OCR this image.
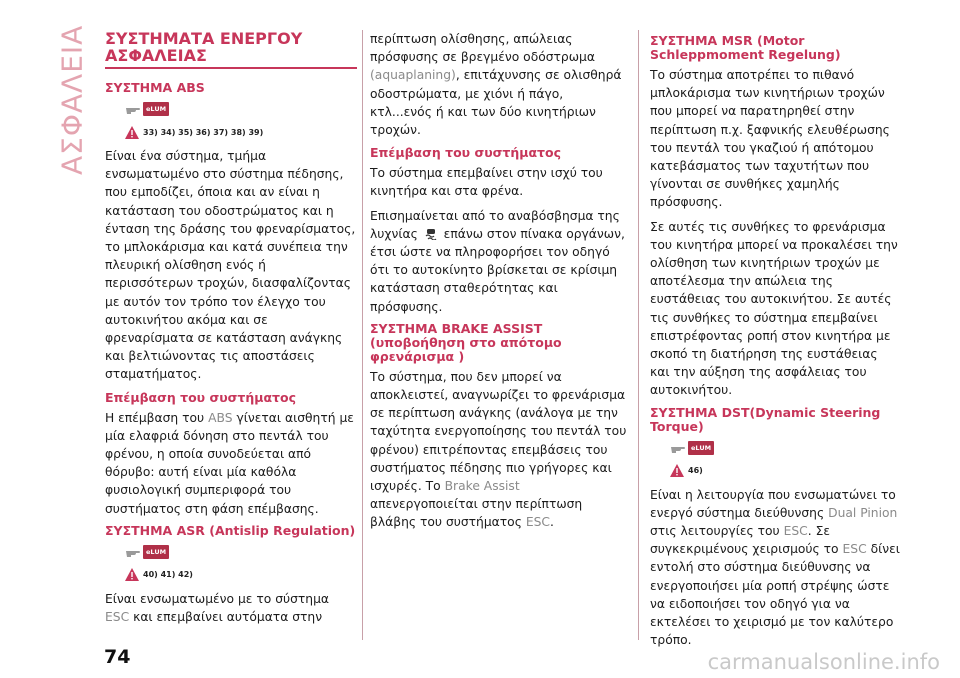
ΑΣΦΑΛΕΙΑ ΣΥΣΤΗΜΑΤΑ ΕΝΕΡΓΟΥ ΑΣΦΑΛΕΙΑΣ
ΣΥΣΤΗΜΑ ABS
eLUM
33) 34) 35) 36) 37) 38) 39)

Είναι ένα σύστημα, τμήμα ενσωματωμένο στο σύστημα πέδησης, που εμποδίζει, όποια και αν είναι η κατάσταση του οδοστρώματος και η ένταση της δράσης του φρεναρίσματος, το μπλοκάρισμα και κατά συνέπεια την πλευρική ολίσθηση ενός ή περισσότερων τροχών, διασφαλίζοντας με αυτόν τον τρόπο τον έλεγχο του αυτοκινήτου ακόμα και σε φρεναρίσματα σε κατάσταση ανάγκης και βελτιώνοντας τις αποστάσεις σταματήματος.

Επέμβαση του συστήματος

Η επέμβαση του ABS γίνεται αισθητή με μία ελαφριά δόνηση στο πεντάλ του φρένου, η οποία συνοδεύεται από θόρυβο: αυτή είναι μία καθόλα φυσιολογική συμπεριφορά του συστήματος στη φάση επέμβασης.

ΣΥΣΤΗΜΑ ASR (Antislip Regulation)
eLUM
40) 41) 42)

Είναι ενσωματωμένο με το σύστημα ESC και επεμβαίνει αυτόματα στην

περίπτωση ολίσθησης, απώλειας πρόσφυσης σε βρεγμένο οδόστρωμα (aquaplaning), επιτάχυνσης σε ολισθηρά οδοστρώματα, με χιόνι ή πάγο, κτλ...ενός ή και των δύο κινητήριων τροχών.

Επέμβαση του συστήματος

Το σύστημα επεμβαίνει στην ισχύ του κινητήρα και στα φρένα.

Επισημαίνεται από το αναβόσβησμα της λυχνίας  επάνω στον πίνακα οργάνων, έτσι ώστε να πληροφορήσει τον οδηγό ότι το αυτοκίνητο βρίσκεται σε κρίσιμη κατάσταση σταθερότητας και πρόσφυσης.

ΣΥΣΤΗΜΑ BRAKE ASSIST (υποβοήθηση στο απότομο φρενάρισμα )

Το σύστημα, που δεν μπορεί να αποκλειστεί, αναγνωρίζει το φρενάρισμα σε περίπτωση ανάγκης (ανάλογα με την ταχύτητα ενεργοποίησης του πεντάλ του φρένου) επιτρέποντας επεμβάσεις του συστήματος πέδησης πιο γρήγορες και ισχυρές. Το Brake Assist απενεργοποιείται στην περίπτωση βλάβης του συστήματος ESC.

ΣΥΣΤΗΜΑ MSR (Motor Schleppmoment Regelung)

Το σύστημα αποτρέπει το πιθανό μπλοκάρισμα των κινητήριων τροχών που μπορεί να παρατηρηθεί στην περίπτωση π.χ. ξαφνικής ελευθέρωσης του πεντάλ του γκαζιού ή απότομου κατεβάσματος των ταχυτήτων που γίνονται σε συνθήκες χαμηλής πρόσφυσης.

Σε αυτές τις συνθήκες το φρενάρισμα του κινητήρα μπορεί να προκαλέσει την ολίσθηση των κινητήριων τροχών με αποτέλεσμα την απώλεια της ευστάθειας του αυτοκινήτου. Σε αυτές τις συνθήκες το σύστημα επεμβαίνει επιστρέφοντας ροπή στον κινητήρα με σκοπό τη διατήρηση της ευστάθειας και την αύξηση της ασφάλειας του αυτοκινήτου.

ΣΥΣΤΗΜΑ DST(Dynamic Steering Torque)
eLUM
46)

Είναι η λειτουργία που ενσωματώνει το ενεργό σύστημα διεύθυνσης Dual Pinion στις λειτουργίες του ESC. Σε συγκεκριμένους χειρισμούς το ESC δίνει εντολή στο σύστημα διεύθυνσης να ενεργοποιήσει μία ροπή στρέψης ώστε να ειδοποιήσει τον οδηγό για να εκτελέσει το χειρισμό με τον καλύτερο τρόπο.

74	carmanualsonline.info
